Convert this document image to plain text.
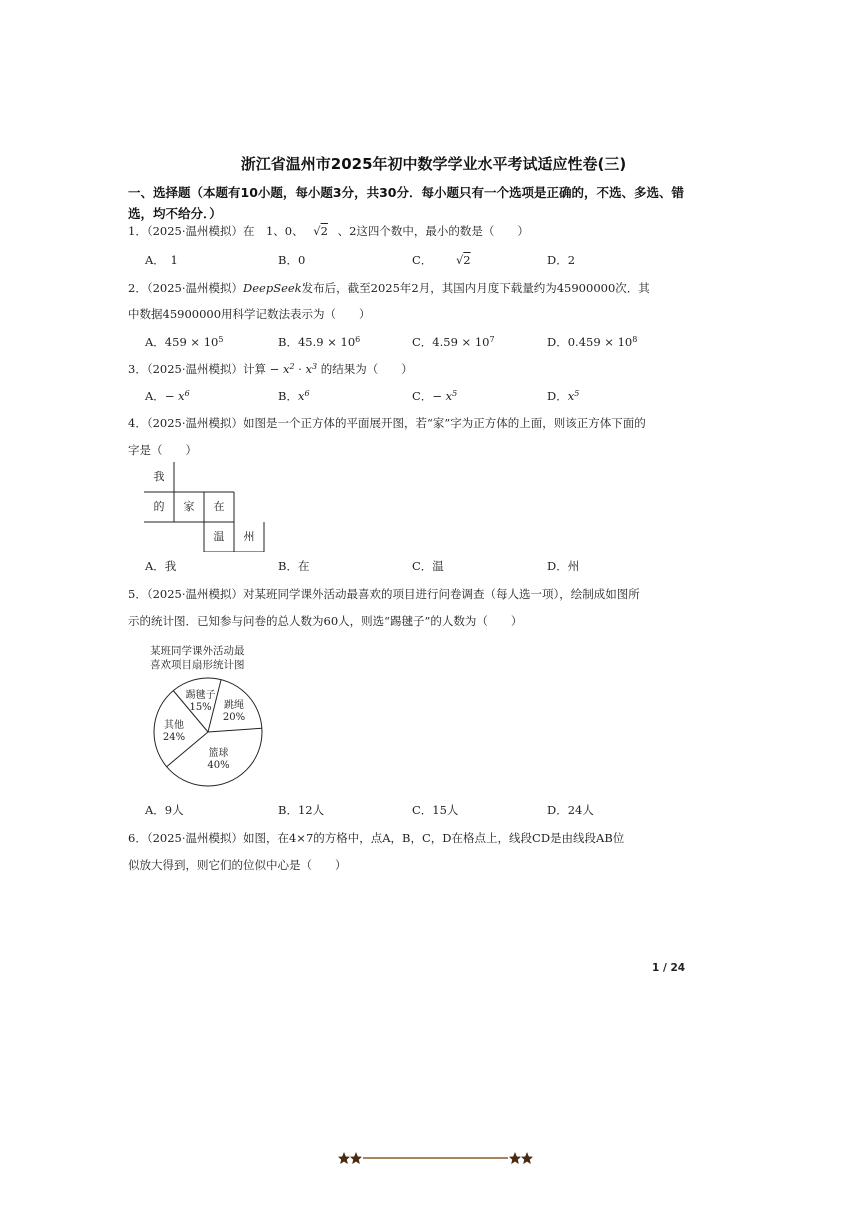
浙江省温州市2025年初中数学学业水平考试适应性卷(三)
一、选择题（本题有10小题，每小题3分，共30分．每小题只有一个选项是正确的，不选、多选、错选，均不给分．）
1．（2025·温州模拟）在　1、0、 √2 、2这四个数中，最小的数是（　　）
A．　1	B．0	C． √2	D．2
2．（2025·温州模拟）DeepSeek发布后，截至2025年2月，其国内月度下载量约为45900000次．其
中数据45900000用科学记数法表示为（　　）
A．$459 \times 10^5$	B．$45.9 \times 10^6$	C．$4.59 \times 10^7$	D．$0.459 \times 10^8$
3．（2025·温州模拟）计算 − $x^2 \cdot x^3$ 的结果为（　　）
A．− $x^6$	B．$x^6$	C．− $x^5$	D．$x^5$
4．（2025·温州模拟）如图是一个正方体的平面展开图，若“家”字为正方体的上面，则该正方体下面的
字是（　　）
我
的	家	在
温	州
A．我	B．在	C．温	D．州
5．（2025·温州模拟）对某班同学课外活动最喜欢的项目进行问卷调查（每人选一项），绘制成如图所
示的统计图．已知参与问卷的总人数为60人，则选“踢毽子”的人数为（　　）
某班同学课外活动最
喜欢项目扇形统计图
踢毽子
15% 跳绳
20%
篮球
40%
其他
24%
A．9人	B．12人	C．15人	D．24人
6．（2025·温州模拟）如图，在4×7的方格中，点A，B，C，D在格点上，线段CD是由线段AB位
似放大得到，则它们的位似中心是（　　）
1 / 24
